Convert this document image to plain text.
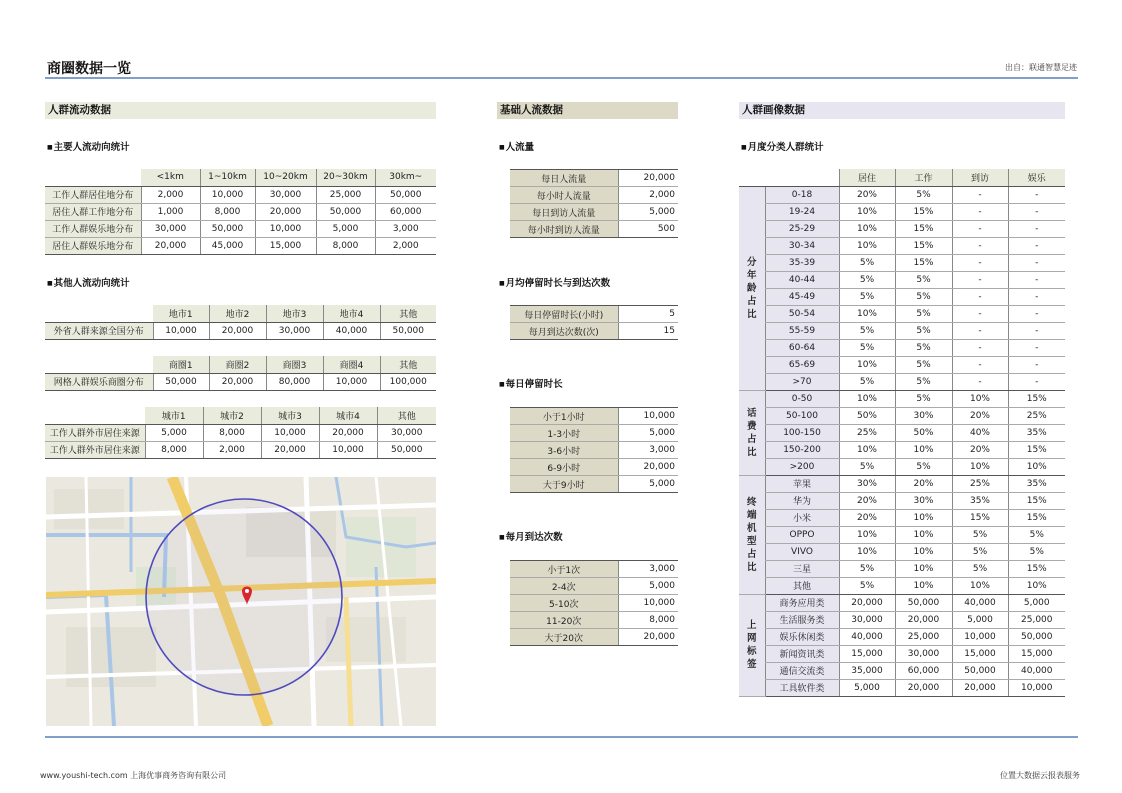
商圈数据一览	出自：联通智慧足迹
人群流动数据
■ 主要人流动向统计
	<1km	1~10km	10~20km	20~30km	30km~
工作人群居住地分布	2,000	10,000	30,000	25,000	50,000
居住人群工作地分布	1,000	8,000	20,000	50,000	60,000
工作人群娱乐地分布	30,000	50,000	10,000	5,000	3,000
居住人群娱乐地分布	20,000	45,000	15,000	8,000	2,000
■ 其他人流动向统计
	地市1	地市2	地市3	地市4	其他
外省人群来源全国分布	10,000	20,000	30,000	40,000	50,000
	商圈1	商圈2	商圈3	商圈4	其他
网格人群娱乐商圈分布	50,000	20,000	80,000	10,000	100,000
	城市1	城市2	城市3	城市4	其他
工作人群外市居住来源	5,000	8,000	10,000	20,000	30,000
工作人群外市居住来源	8,000	2,000	20,000	10,000	50,000
基础人流数据
■ 人流量
每日人流量	20,000
每小时人流量	2,000
每日到访人流量	5,000
每小时到访人流量	500
■ 月均停留时长与到达次数
每日停留时长(小时)	5
每月到达次数(次)	15
■ 每日停留时长
小于1小时	10,000
1-3小时	5,000
3-6小时	3,000
6-9小时	20,000
大于9小时	5,000
■ 每月到达次数
小于1次	3,000
2-4次	5,000
5-10次	10,000
11-20次	8,000
大于20次	20,000
人群画像数据
■ 月度分类人群统计
		居住	工作	到访	娱乐
分年龄占比	0-18	20%	5%	-	-
	19-24	10%	15%	-	-
	25-29	10%	15%	-	-
	30-34	10%	15%	-	-
	35-39	5%	15%	-	-
	40-44	5%	5%	-	-
	45-49	5%	5%	-	-
	50-54	10%	5%	-	-
	55-59	5%	5%	-	-
	60-64	5%	5%	-	-
	65-69	10%	5%	-	-
	>70	5%	5%	-	-
话费占比	0-50	10%	5%	10%	15%
	50-100	50%	30%	20%	25%
	100-150	25%	50%	40%	35%
	150-200	10%	10%	20%	15%
	>200	5%	5%	10%	10%
终端机型占比	苹果	30%	20%	25%	35%
	华为	20%	30%	35%	15%
	小米	20%	10%	15%	15%
	OPPO	10%	10%	5%	5%
	VIVO	10%	10%	5%	5%
	三星	5%	10%	5%	15%
	其他	5%	10%	10%	10%
上网标签	商务应用类	20,000	50,000	40,000	5,000
	生活服务类	30,000	20,000	5,000	25,000
	娱乐休闲类	40,000	25,000	10,000	50,000
	新闻资讯类	15,000	30,000	15,000	15,000
	通信交流类	35,000	60,000	50,000	40,000
	工具软件类	5,000	20,000	20,000	10,000
www.youshi-tech.com 上海优事商务咨询有限公司	位置大数据云报表服务
